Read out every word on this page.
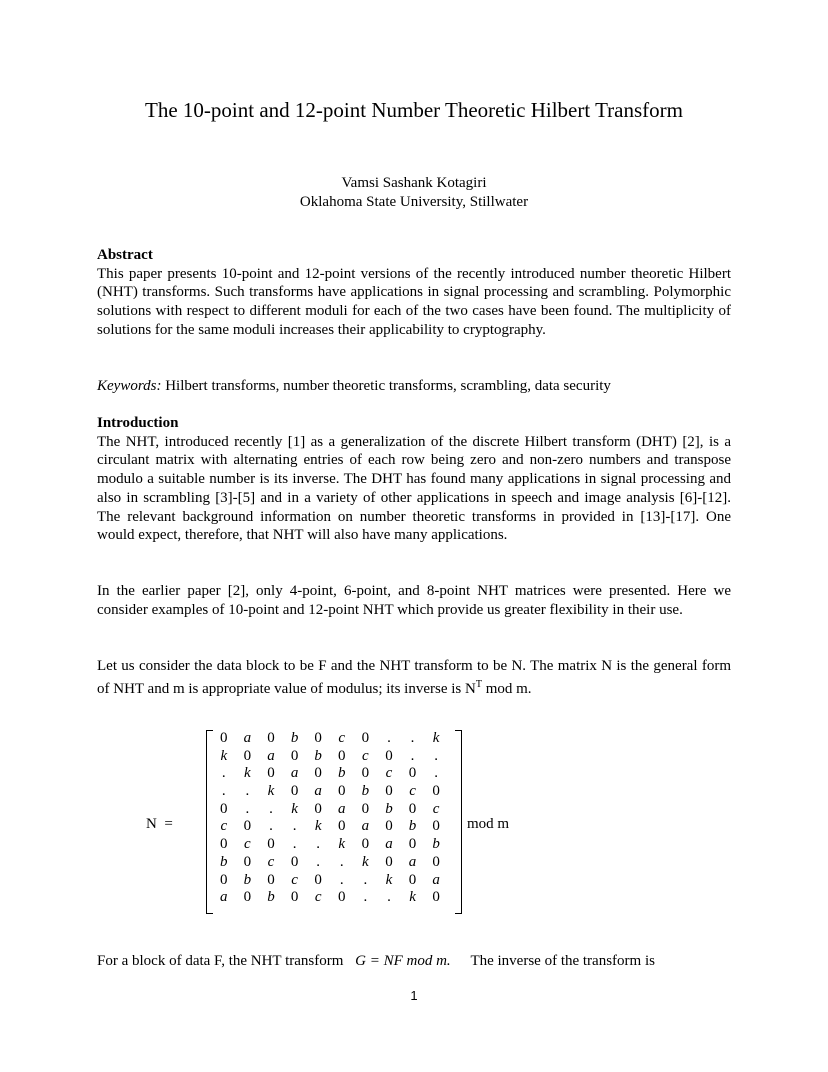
The 10-point and 12-point Number Theoretic Hilbert Transform
Vamsi Sashank Kotagiri
Oklahoma State University, Stillwater
Abstract
This paper presents 10-point and 12-point versions of the recently introduced number theoretic Hilbert (NHT) transforms. Such transforms have applications in signal processing and scrambling. Polymorphic solutions with respect to different moduli for each of the two cases have been found. The multiplicity of solutions for the same moduli increases their applicability to cryptography.
Keywords: Hilbert transforms, number theoretic transforms, scrambling, data security
Introduction
The NHT, introduced recently [1] as a generalization of the discrete Hilbert transform (DHT) [2], is a circulant matrix with alternating entries of each row being zero and non-zero numbers and transpose modulo a suitable number is its inverse. The DHT has found many applications in signal processing and also in scrambling [3]-[5] and in a variety of other applications in speech and image analysis [6]-[12]. The relevant background information on number theoretic transforms in provided in [13]-[17]. One would expect, therefore, that NHT will also have many applications.
In the earlier paper [2], only 4-point, 6-point, and 8-point NHT matrices were presented. Here we consider examples of 10-point and 12-point NHT which provide us greater flexibility in their use.
Let us consider the data block to be F and the NHT transform to be N. The matrix N is the general form of NHT and m is appropriate value of modulus; its inverse is $N^T$ mod m.
N  =
0	a	0	b	0	c	0	.	.	k
k	0	a	0	b	0	c	0	.	.
.	k	0	a	0	b	0	c	0	.
.	.	k	0	a	0	b	0	c	0
0	.	.	k	0	a	0	b	0	c
c	0	.	.	k	0	a	0	b	0
0	c	0	.	.	k	0	a	0	b
b	0	c	0	.	.	k	0	a	0
0	b	0	c	0	.	.	k	0	a
a	0	b	0	c	0	.	.	k	0
mod m
For a block of data F, the NHT transform G = NF mod m. The inverse of the transform is
1
